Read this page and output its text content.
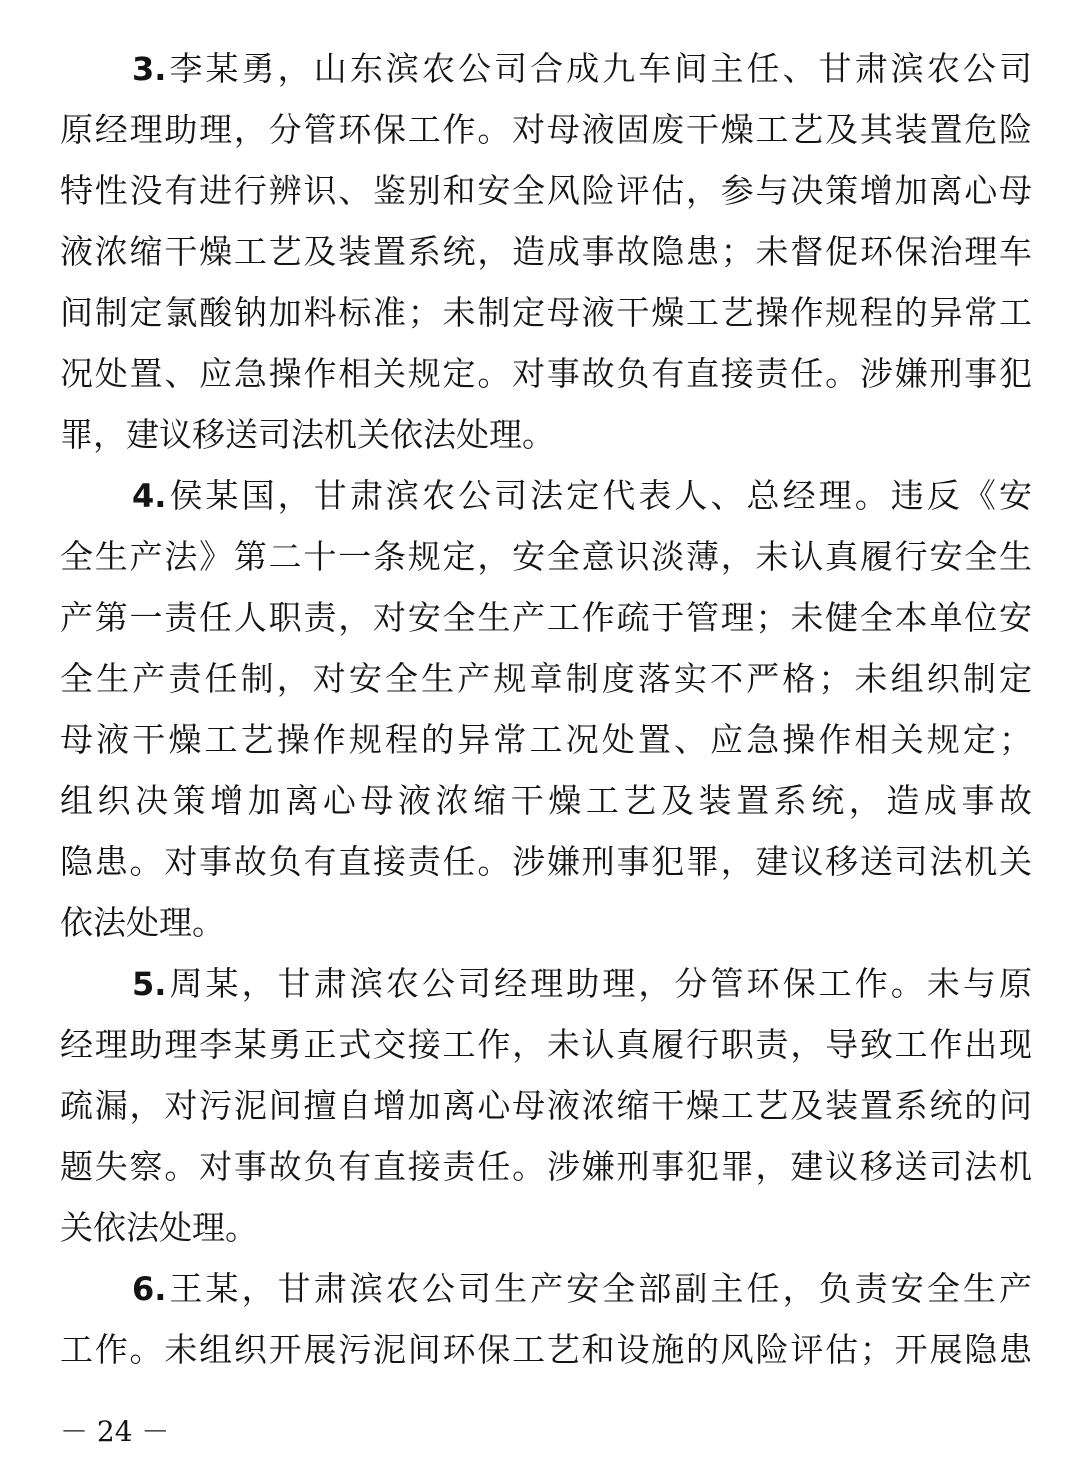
3.李某勇，山东滨农公司合成九车间主任、甘肃滨农公司
原经理助理，分管环保工作。对母液固废干燥工艺及其装置危险
特性没有进行辨识、鉴别和安全风险评估，参与决策增加离心母
液浓缩干燥工艺及装置系统，造成事故隐患；未督促环保治理车
间制定氯酸钠加料标准；未制定母液干燥工艺操作规程的异常工
况处置、应急操作相关规定。对事故负有直接责任。涉嫌刑事犯
罪，建议移送司法机关依法处理。
4.侯某国，甘肃滨农公司法定代表人、总经理。违反《安
全生产法》第二十一条规定，安全意识淡薄，未认真履行安全生
产第一责任人职责，对安全生产工作疏于管理；未健全本单位安
全生产责任制，对安全生产规章制度落实不严格；未组织制定
母液干燥工艺操作规程的异常工况处置、应急操作相关规定；
组织决策增加离心母液浓缩干燥工艺及装置系统，造成事故
隐患。对事故负有直接责任。涉嫌刑事犯罪，建议移送司法机关
依法处理。
5.周某，甘肃滨农公司经理助理，分管环保工作。未与原
经理助理李某勇正式交接工作，未认真履行职责，导致工作出现
疏漏，对污泥间擅自增加离心母液浓缩干燥工艺及装置系统的问
题失察。对事故负有直接责任。涉嫌刑事犯罪，建议移送司法机
关依法处理。
6.王某，甘肃滨农公司生产安全部副主任，负责安全生产
工作。未组织开展污泥间环保工艺和设施的风险评估；开展隐患
－ 24 －
